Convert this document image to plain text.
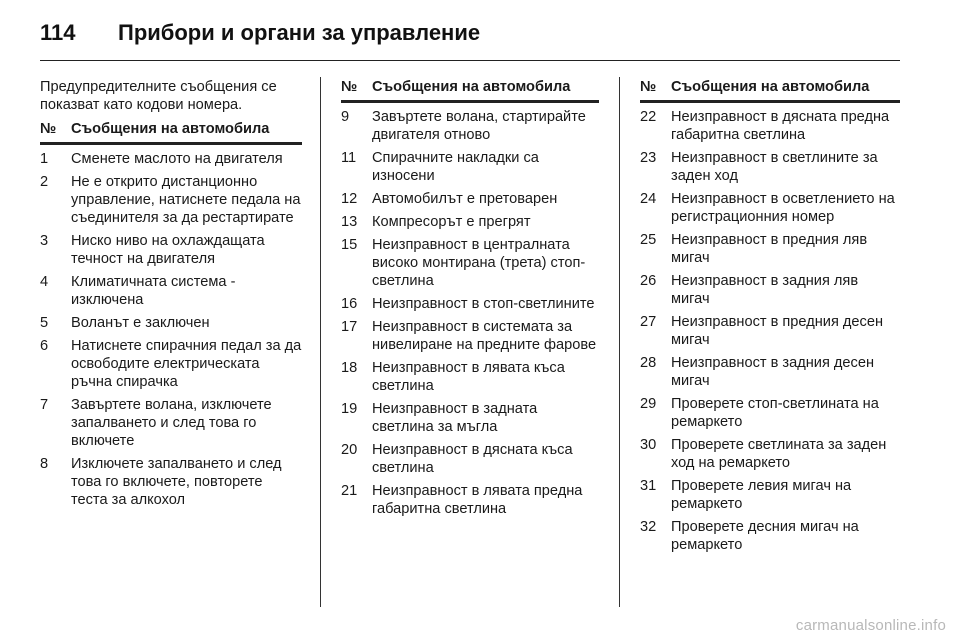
114 Прибори и органи за управление

Предупредителните съобщения се показват като кодови номера.

№	Съобщения на автомобила
1	Сменете маслото на двигателя
2	Не е открито дистанционно управление, натиснете педала на съединителя за да рестартирате
3	Ниско ниво на охлаждащата течност на двигателя
4	Климатичната система - изключена
5	Воланът е заключен
6	Натиснете спирачния педал за да освободите електрическата ръчна спирачка
7	Завъртете волана, изключете запалването и след това го включете
8	Изключете запалването и след това го включете, повторете теста за алкохол
№	Съобщения на автомобила
9	Завъртете волана, стартирайте двигателя отново
11	Спирачните накладки са износени
12	Автомобилът е претоварен
13	Компресорът е прегрят
15	Неизправност в централната високо монтирана (трета) стоп-светлина
16	Неизправност в стоп-светлините
17	Неизправност в системата за нивелиране на предните фарове
18	Неизправност в лявата къса светлина
19	Неизправност в задната светлина за мъгла
20	Неизправност в дясната къса светлина
21	Неизправност в лявата предна габаритна светлина
№	Съобщения на автомобила
22	Неизправност в дясната предна габаритна светлина
23	Неизправност в светлините за заден ход
24	Неизправност в осветлението на регистрационния номер
25	Неизправност в предния ляв мигач
26	Неизправност в задния ляв мигач
27	Неизправност в предния десен мигач
28	Неизправност в задния десен мигач
29	Проверете стоп-светлината на ремаркето
30	Проверете светлината за заден ход на ремаркето
31	Проверете левия мигач на ремаркето
32	Проверете десния мигач на ремаркето
carmanualsonline.info
